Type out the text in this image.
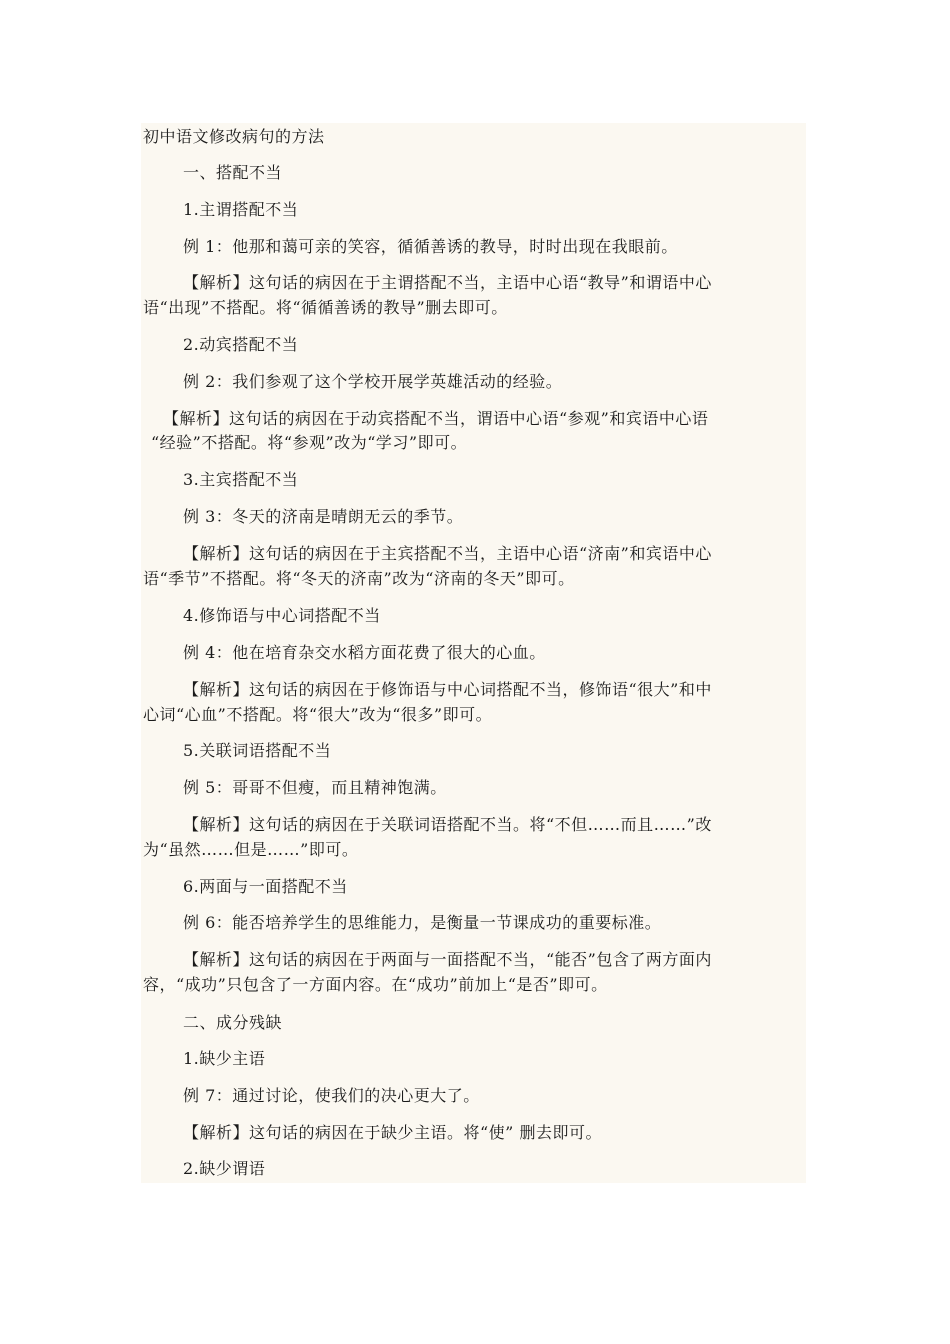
初中语文修改病句的方法
一、搭配不当
1.主谓搭配不当
例 1：他那和蔼可亲的笑容，循循善诱的教导，时时出现在我眼前。
【解析】这句话的病因在于主谓搭配不当，主语中心语“教导”和谓语中心
语“出现”不搭配。将“循循善诱的教导”删去即可。
2.动宾搭配不当
例 2：我们参观了这个学校开展学英雄活动的经验。
【解析】这句话的病因在于动宾搭配不当，谓语中心语“参观”和宾语中心语
“经验”不搭配。将“参观”改为“学习”即可。
3.主宾搭配不当
例 3：冬天的济南是晴朗无云的季节。
【解析】这句话的病因在于主宾搭配不当，主语中心语“济南”和宾语中心
语“季节”不搭配。将“冬天的济南”改为“济南的冬天”即可。
4.修饰语与中心词搭配不当
例 4：他在培育杂交水稻方面花费了很大的心血。
【解析】这句话的病因在于修饰语与中心词搭配不当，修饰语“很大”和中
心词“心血”不搭配。将“很大”改为“很多”即可。
5.关联词语搭配不当
例 5：哥哥不但瘦，而且精神饱满。
【解析】这句话的病因在于关联词语搭配不当。将“不但……而且……”改
为“虽然……但是……”即可。
6.两面与一面搭配不当
例 6：能否培养学生的思维能力，是衡量一节课成功的重要标准。
【解析】这句话的病因在于两面与一面搭配不当，“能否”包含了两方面内
容，“成功”只包含了一方面内容。在“成功”前加上“是否”即可。
二、成分残缺
1.缺少主语
例 7：通过讨论，使我们的决心更大了。
【解析】这句话的病因在于缺少主语。将“使” 删去即可。
2.缺少谓语
